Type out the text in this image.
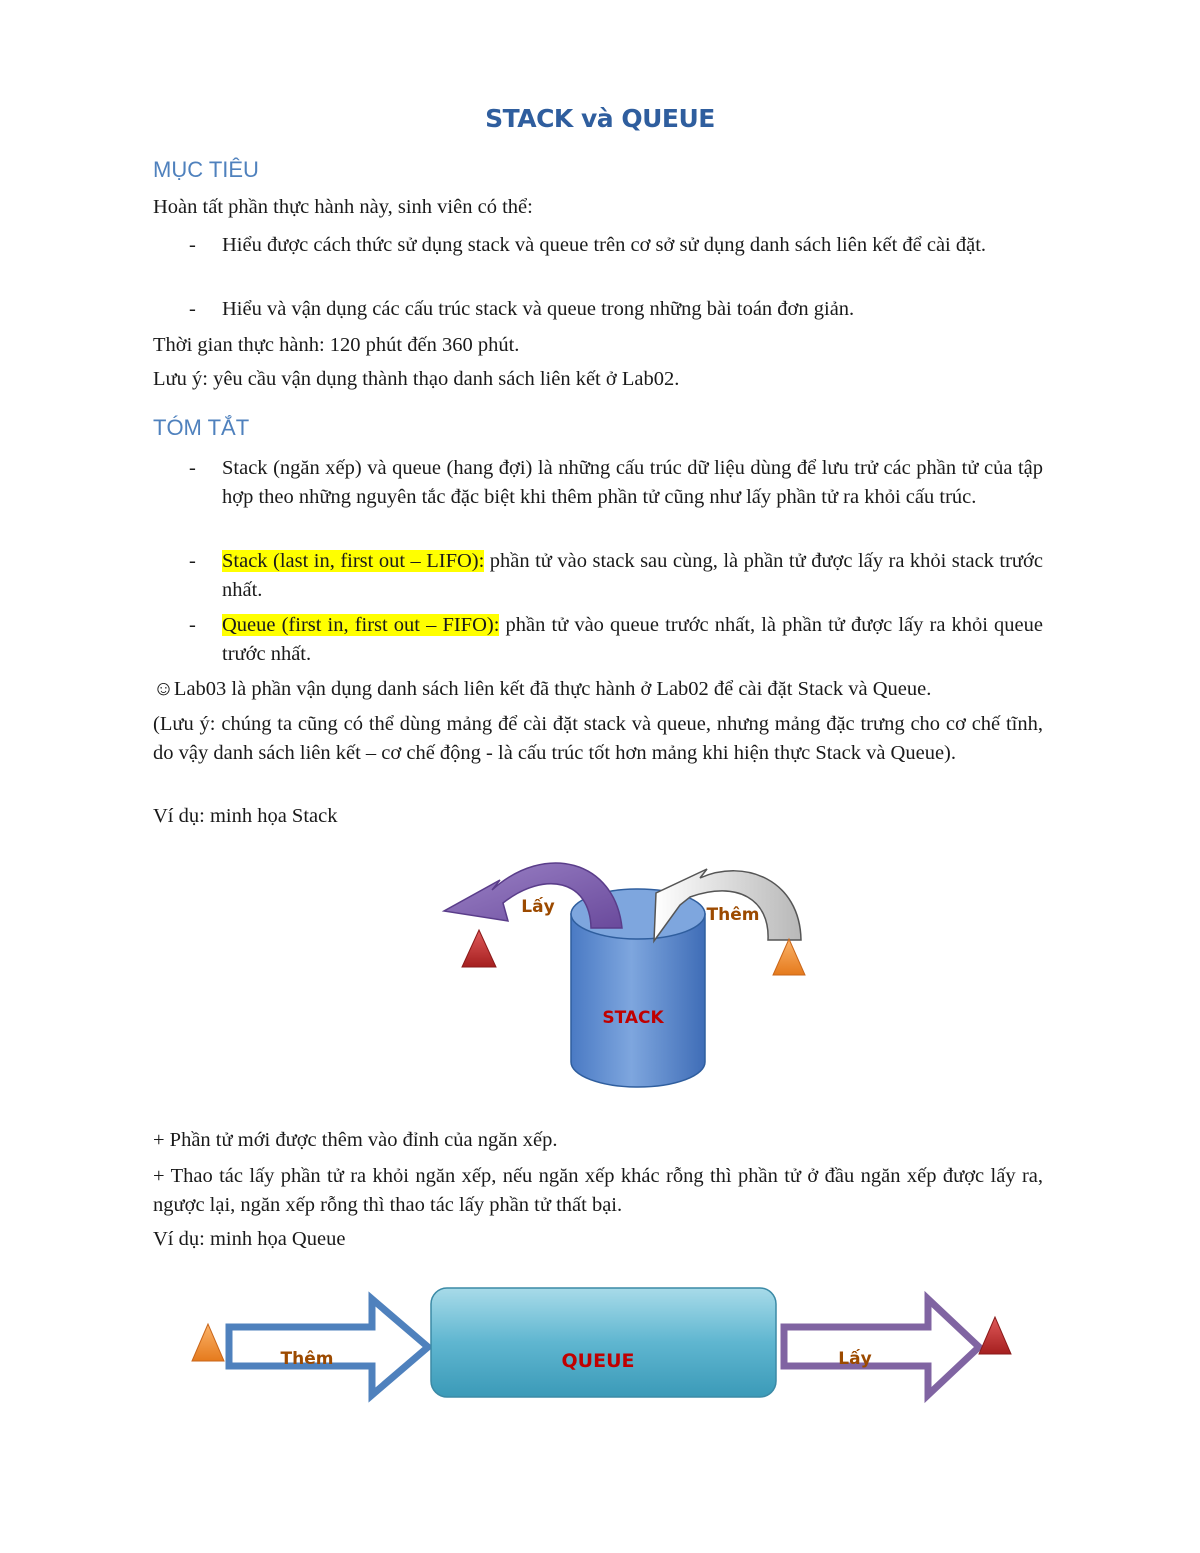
STACK và QUEUE
MỤC TIÊU
Hoàn tất phần thực hành này, sinh viên có thể:
- Hiểu được cách thức sử dụng stack và queue trên cơ sở sử dụng danh sách liên kết để cài đặt.
- Hiểu và vận dụng các cấu trúc stack và queue trong những bài toán đơn giản.
Thời gian thực hành: 120 phút đến 360 phút.
Lưu ý: yêu cầu vận dụng thành thạo danh sách liên kết ở Lab02.
TÓM TẮT
- Stack (ngăn xếp) và queue (hang đợi) là những cấu trúc dữ liệu dùng để lưu trử các phần tử của tập hợp theo những nguyên tắc đặc biệt khi thêm phần tử cũng như lấy phần tử ra khỏi cấu trúc.
- Stack (last in, first out – LIFO): phần tử vào stack sau cùng, là phần tử được lấy ra khỏi stack trước nhất.
- Queue (first in, first out – FIFO): phần tử vào queue trước nhất, là phần tử được lấy ra khỏi queue trước nhất.
☺Lab03 là phần vận dụng danh sách liên kết đã thực hành ở Lab02 để cài đặt Stack và Queue.
(Lưu ý: chúng ta cũng có thể dùng mảng để cài đặt stack và queue, nhưng mảng đặc trưng cho cơ chế tĩnh, do vậy danh sách liên kết – cơ chế động - là cấu trúc tốt hơn mảng khi hiện thực Stack và Queue).
Ví dụ: minh họa Stack
STACK
Lấy	Thêm
+ Phần tử mới được thêm vào đỉnh của ngăn xếp.
+ Thao tác lấy phần tử ra khỏi ngăn xếp, nếu ngăn xếp khác rỗng thì phần tử ở đầu ngăn xếp được lấy ra, ngược lại, ngăn xếp rỗng thì thao tác lấy phần tử thất bại.
Ví dụ: minh họa Queue
Thêm	QUEUE	Lấy
